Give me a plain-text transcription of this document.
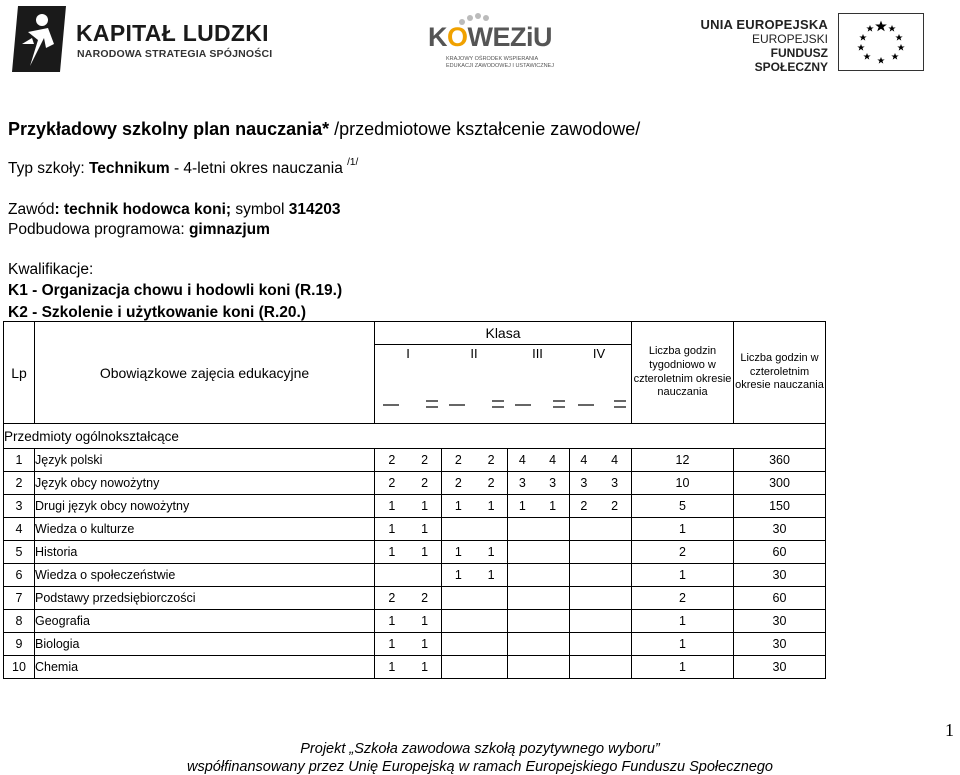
KAPITAŁ LUDZKI
NARODOWA STRATEGIA SPÓJNOŚCI
KOWEZiU
KRAJOWY OŚRODEK WSPIERANIA
EDUKACJI ZAWODOWEJ I USTAWICZNEJ
UNIA EUROPEJSKA
EUROPEJSKI
FUNDUSZ SPOŁECZNY
Przykładowy szkolny plan nauczania* /przedmiotowe kształcenie zawodowe/
Typ szkoły: Technikum - 4-letni okres nauczania $^{/1/}$
Zawód: technik hodowca koni; symbol 314203
Podbudowa programowa: gimnazjum
Kwalifikacje:
K1 - Organizacja chowu i hodowli koni (R.19.)
K2 - Szkolenie i użytkowanie koni (R.20.)
Lp	Obowiązkowe zajęcia edukacyjne	Klasa
I II III IV								Liczba godzin tygodniowo w czteroletnim okresie nauczania	Liczba godzin w czteroletnim okresie nauczania
Przedmioty ogólnokształcące											
1	Język polski	2	2	2	2	4	4	4	4	12	360
2	Język obcy nowożytny	2	2	2	2	3	3	3	3	10	300
3	Drugi język obcy nowożytny	1	1	1	1	1	1	2	2	5	150
4	Wiedza o kulturze	1	1							1	30
5	Historia	1	1	1	1					2	60
6	Wiedza o społeczeństwie			1	1					1	30
7	Podstawy przedsiębiorczości	2	2							2	60
8	Geografia	1	1							1	30
9	Biologia	1	1							1	30
10	Chemia	1	1							1	30
1
Projekt „Szkoła zawodowa szkołą pozytywnego wyboru”
współfinansowany przez Unię Europejską w ramach Europejskiego Funduszu Społecznego
